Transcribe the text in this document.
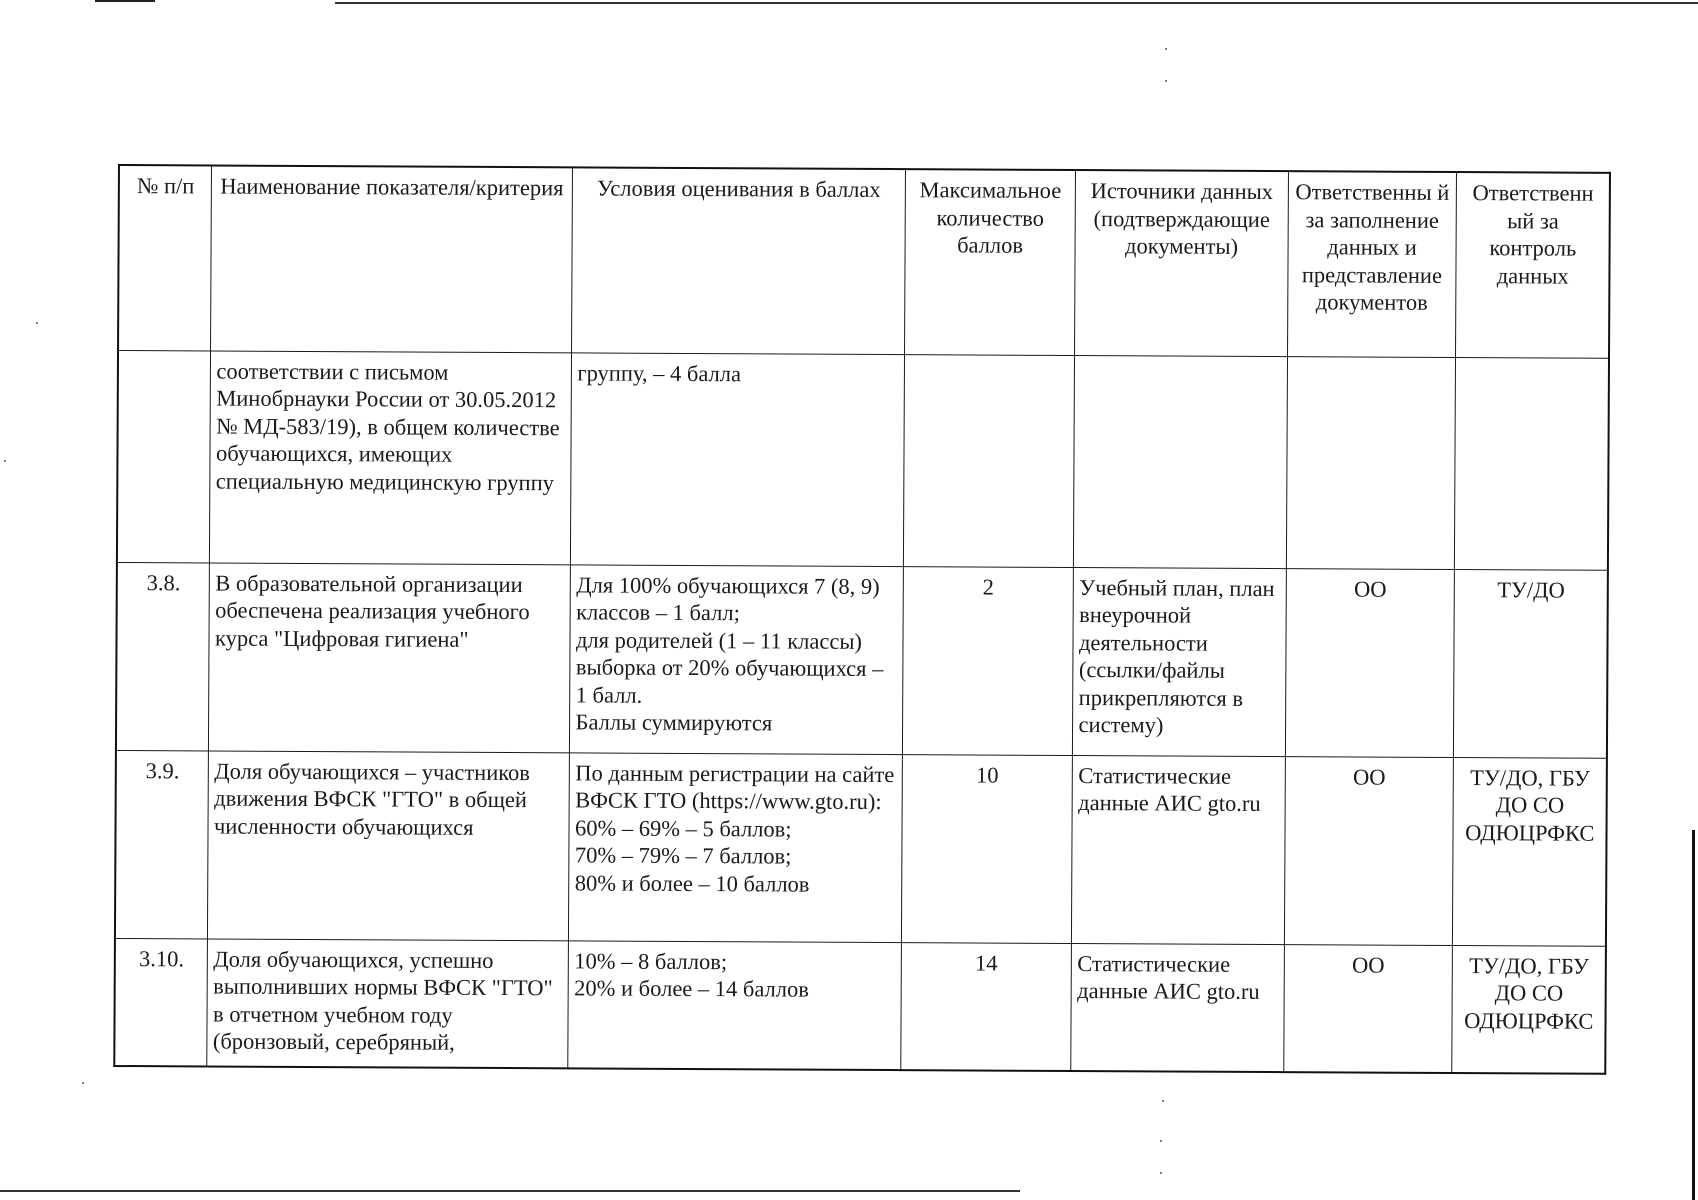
№ п/п	Наименование показателя/критерия	Условия оценивания в баллах	Максимальное количество баллов	Источники данных (подтверждающие документы)	Ответственны й за заполнение данных и представление документов	Ответственн ый за контроль данных
	соответствии с письмом Минобрнауки России от 30.05.2012 № МД-583/19), в общем количестве обучающихся, имеющих специальную медицинскую группу	группу, – 4 балла				
3.8.	В образовательной организации обеспечена реализация учебного курса "Цифровая гигиена"	Для 100% обучающихся 7 (8, 9) классов – 1 балл;
для родителей (1 – 11 классы) выборка от 20% обучающихся – 1 балл.
Баллы суммируются	2	Учебный план, план внеурочной деятельности (ссылки/файлы прикрепляются в систему)	ОО	ТУ/ДО
3.9.	Доля обучающихся – участников движения ВФСК "ГТО" в общей численности обучающихся	По данным регистрации на сайте ВФСК ГТО (https://www.gto.ru):
60% – 69% – 5 баллов;
70% – 79% – 7 баллов;
80% и более – 10 баллов	10	Статистические данные АИС gto.ru	ОО	ТУ/ДО, ГБУ ДО СО ОДЮЦРФКС
3.10.	Доля обучающихся, успешно выполнивших нормы ВФСК "ГТО" в отчетном учебном году (бронзовый, серебряный,	10% – 8 баллов;
20% и более – 14 баллов	14	Статистические данные АИС gto.ru	ОО	ТУ/ДО, ГБУ ДО СО ОДЮЦРФКС
